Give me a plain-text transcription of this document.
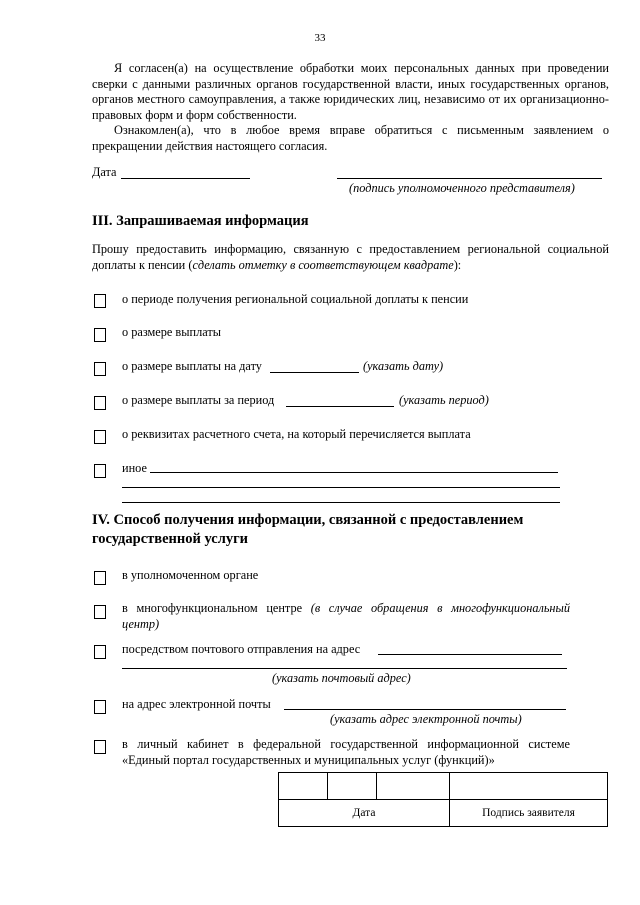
33
Я согласен(а) на осуществление обработки моих персональных данных при проведении сверки с данными различных органов государственной власти, иных государственных органов, органов местного самоуправления, а также юридических лиц, независимо от их организационно-правовых форм и форм собственности.
Ознакомлен(а), что в любое время вправе обратиться с письменным заявлением о прекращении действия настоящего согласия.
Дата
(подпись уполномоченного представителя)
III. Запрашиваемая информация
Прошу предоставить информацию, связанную с предоставлением региональной социальной доплаты к пенсии (сделать отметку в соответствующем квадрате):
о периоде получения региональной социальной доплаты к пенсии
о размере выплаты
о размере выплаты на дату	(указать дату)
о размере выплаты за период	(указать период)
о реквизитах расчетного счета, на который перечисляется выплата
иное
IV. Способ получения информации, связанной с предоставлением государственной услуги
в уполномоченном органе
в многофункциональном центре (в случае обращения в многофункциональный центр)
посредством почтового отправления на адрес
(указать почтовый адрес)
на адрес электронной почты
(указать адрес электронной почты)
в личный кабинет в федеральной государственной информационной системе «Единый портал государственных и муниципальных услуг (функций)»

Дата			Подпись заявителя
